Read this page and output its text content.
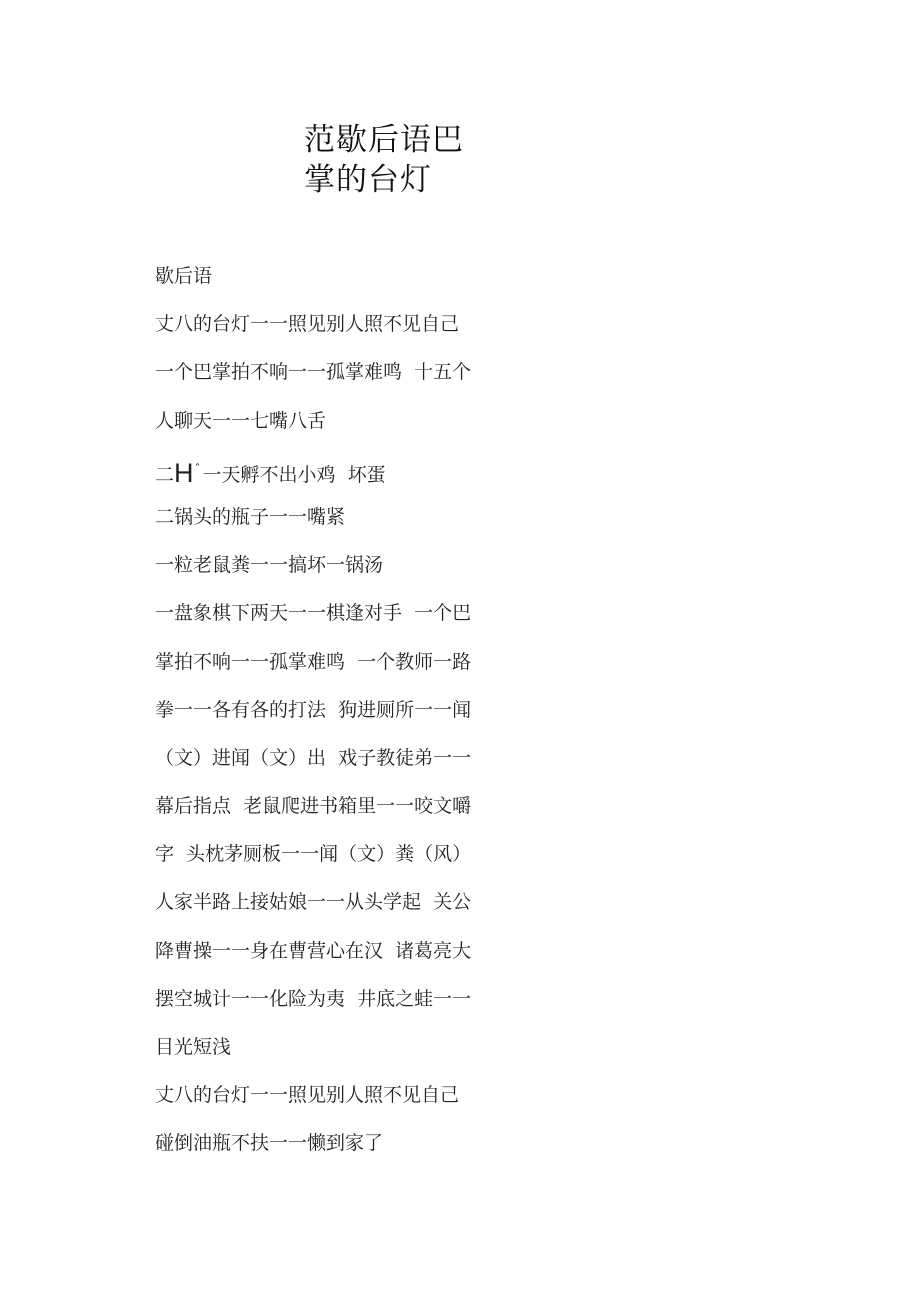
范歇后语巴
掌的台灯
歇后语
丈八的台灯一一照见别人照不见自己
一个巴掌拍不响一一孤掌难鸣  十五个
人聊天一一七嘴八舌
二$H^ˆ$ 一天孵不出小鸡  坏蛋
二锅头的瓶子一一嘴紧
一粒老鼠粪一一搞坏一锅汤
一盘象棋下两天一一棋逢对手  一个巴
掌拍不响一一孤掌难鸣  一个教师一路
拳一一各有各的打法  狗进厕所一一闻
（文）进闻（文）出  戏子教徒弟一一
幕后指点  老鼠爬进书箱里一一咬文嚼
字  头枕茅厕板一一闻（文）粪（风）
人家半路上接姑娘一一从头学起  关公
降曹操一一身在曹营心在汉  诸葛亮大
摆空城计一一化险为夷  井底之蛙一一
目光短浅
丈八的台灯一一照见别人照不见自己
碰倒油瓶不扶一一懒到家了
